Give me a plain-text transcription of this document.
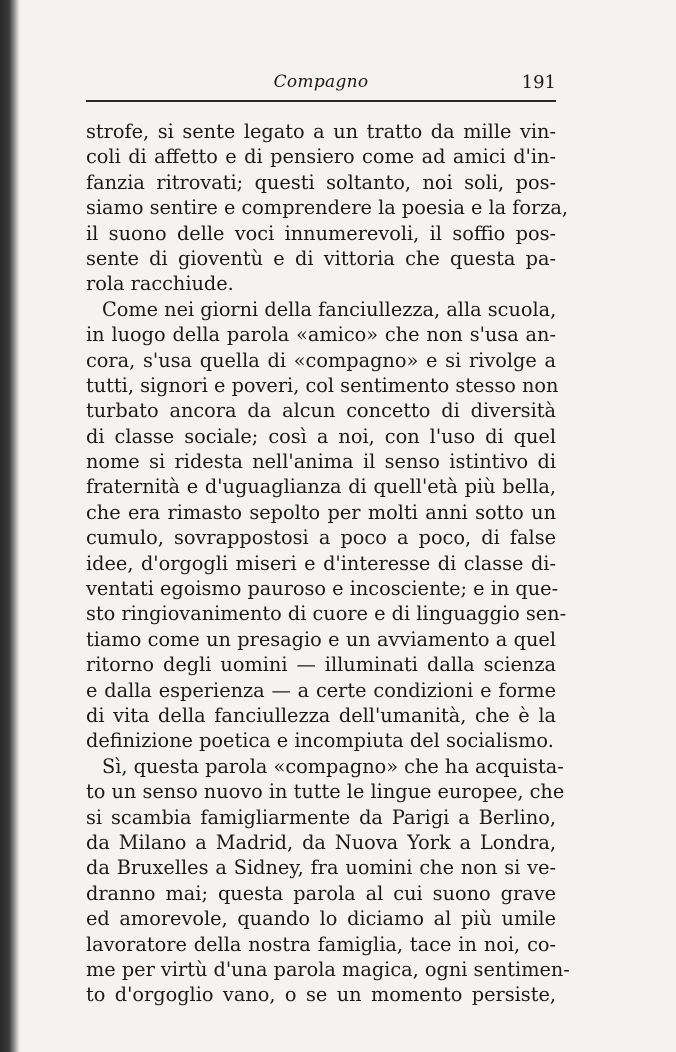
Compagno	191
strofe, si sente legato a un tratto da mille vin-
coli di affetto e di pensiero come ad amici d'in-
fanzia ritrovati; questi soltanto, noi soli, pos-
siamo sentire e comprendere la poesia e la forza,
il suono delle voci innumerevoli, il soffio pos-
sente di gioventù e di vittoria che questa pa-
rola racchiude.
Come nei giorni della fanciullezza, alla scuola,
in luogo della parola «amico» che non s'usa an-
cora, s'usa quella di «compagno» e si rivolge a
tutti, signori e poveri, col sentimento stesso non
turbato ancora da alcun concetto di diversità
di classe sociale; così a noi, con l'uso di quel
nome si ridesta nell'anima il senso istintivo di
fraternità e d'uguaglianza di quell'età più bella,
che era rimasto sepolto per molti anni sotto un
cumulo, sovrappostosi a poco a poco, di false
idee, d'orgogli miseri e d'interesse di classe di-
ventati egoismo pauroso e incosciente; e in que-
sto ringiovanimento di cuore e di linguaggio sen-
tiamo come un presagio e un avviamento a quel
ritorno degli uomini — illuminati dalla scienza
e dalla esperienza — a certe condizioni e forme
di vita della fanciullezza dell'umanità, che è la
definizione poetica e incompiuta del socialismo.
Sì, questa parola «compagno» che ha acquista-
to un senso nuovo in tutte le lingue europee, che
si scambia famigliarmente da Parigi a Berlino,
da Milano a Madrid, da Nuova York a Londra,
da Bruxelles a Sidney, fra uomini che non si ve-
dranno mai; questa parola al cui suono grave
ed amorevole, quando lo diciamo al più umile
lavoratore della nostra famiglia, tace in noi, co-
me per virtù d'una parola magica, ogni sentimen-
to d'orgoglio vano, o se un momento persiste,
